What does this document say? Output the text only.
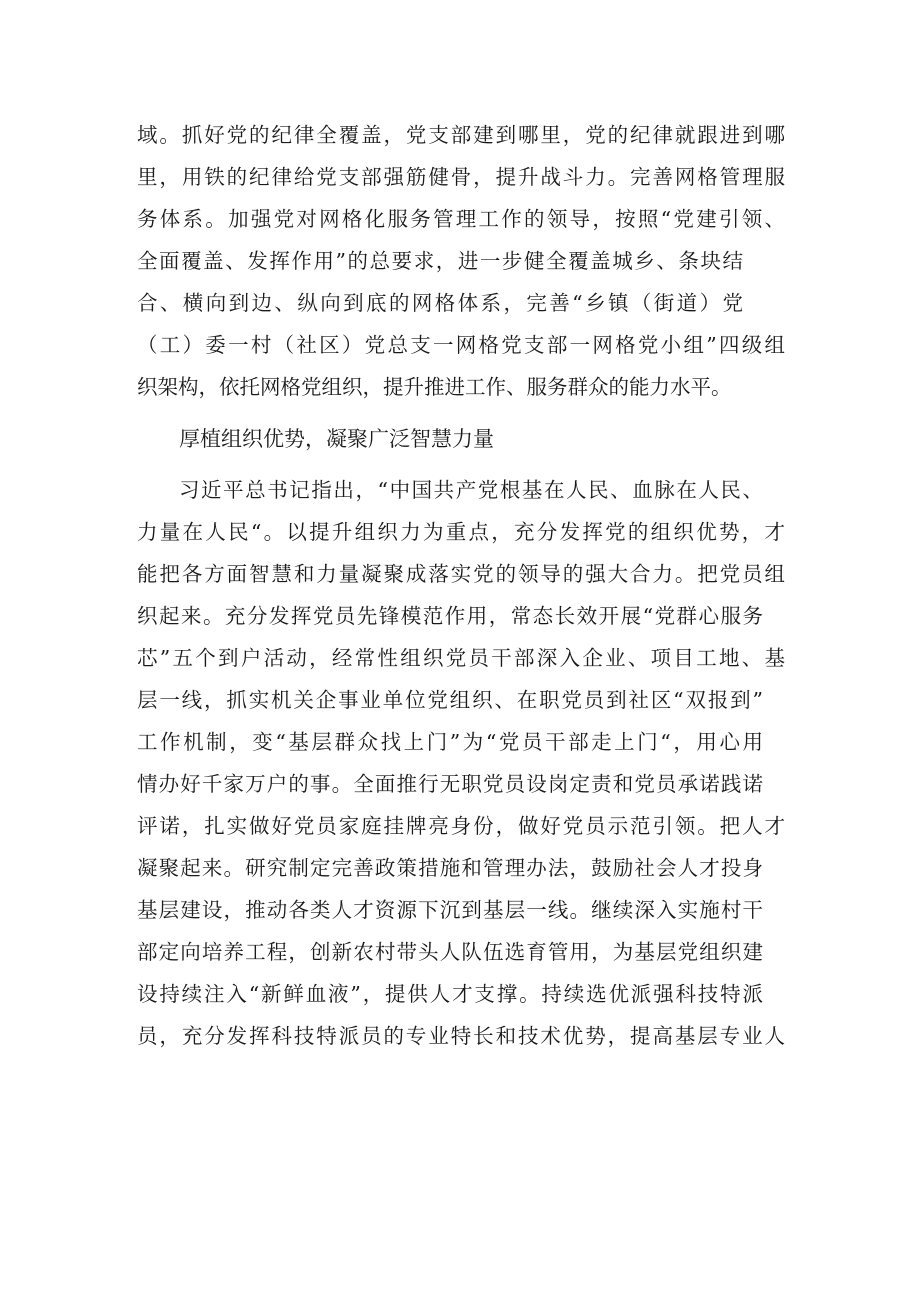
域。抓好党的纪律全覆盖，党支部建到哪里，党的纪律就跟进到哪
里，用铁的纪律给党支部强筋健骨，提升战斗力。完善网格管理服
务体系。加强党对网格化服务管理工作的领导，按照“党建引领、
全面覆盖、发挥作用”的总要求，进一步健全覆盖城乡、条块结
合、横向到边、纵向到底的网格体系，完善“乡镇（街道）党
（工）委一村（社区）党总支一网格党支部一网格党小组”四级组
织架构，依托网格党组织，提升推进工作、服务群众的能力水平。
厚植组织优势，凝聚广泛智慧力量
习近平总书记指出，“中国共产党根基在人民、血脉在人民、
力量在人民“。以提升组织力为重点，充分发挥党的组织优势，才
能把各方面智慧和力量凝聚成落实党的领导的强大合力。把党员组
织起来。充分发挥党员先锋模范作用，常态长效开展“党群心服务
芯”五个到户活动，经常性组织党员干部深入企业、项目工地、基
层一线，抓实机关企事业单位党组织、在职党员到社区“双报到”
工作机制，变“基层群众找上门”为“党员干部走上门“，用心用
情办好千家万户的事。全面推行无职党员设岗定责和党员承诺践诺
评诺，扎实做好党员家庭挂牌亮身份，做好党员示范引领。把人才
凝聚起来。研究制定完善政策措施和管理办法，鼓励社会人才投身
基层建设，推动各类人才资源下沉到基层一线。继续深入实施村干
部定向培养工程，创新农村带头人队伍选育管用，为基层党组织建
设持续注入“新鲜血液”，提供人才支撑。持续选优派强科技特派
员，充分发挥科技特派员的专业特长和技术优势，提高基层专业人
